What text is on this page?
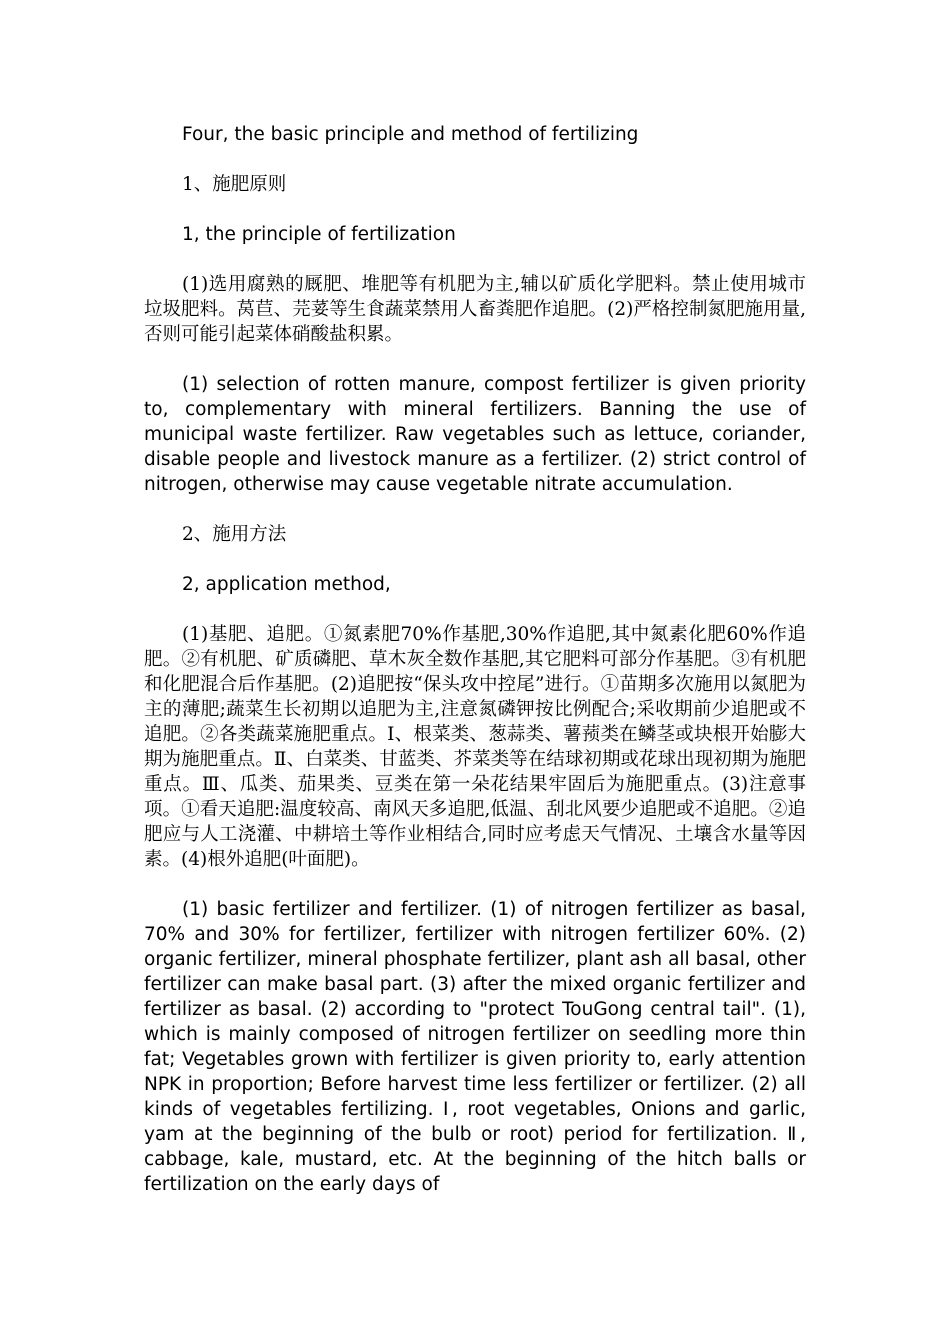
Four, the basic principle and method of fertilizing

1、施肥原则

1, the principle of fertilization

(1)选用腐熟的厩肥、堆肥等有机肥为主,辅以矿质化学肥料。禁止使用城市垃圾肥料。莴苣、芫荽等生食蔬菜禁用人畜粪肥作追肥。(2)严格控制氮肥施用量,否则可能引起菜体硝酸盐积累。

(1) selection of rotten manure, compost fertilizer is given priority to, complementary with mineral fertilizers. Banning the use of municipal waste fertilizer. Raw vegetables such as lettuce, coriander, disable people and livestock manure as a fertilizer. (2) strict control of nitrogen, otherwise may cause vegetable nitrate accumulation.

2、施用方法

2, application method,

(1)基肥、追肥。①氮素肥70%作基肥,30%作追肥,其中氮素化肥60%作追肥。②有机肥、矿质磷肥、草木灰全数作基肥,其它肥料可部分作基肥。③有机肥和化肥混合后作基肥。(2)追肥按“保头攻中控尾”进行。①苗期多次施用以氮肥为主的薄肥;蔬菜生长初期以追肥为主,注意氮磷钾按比例配合;采收期前少追肥或不追肥。②各类蔬菜施肥重点。Ⅰ、根菜类、葱蒜类、薯蓣类在鳞茎或块根开始膨大期为施肥重点。Ⅱ、白菜类、甘蓝类、芥菜类等在结球初期或花球出现初期为施肥重点。Ⅲ、瓜类、茄果类、豆类在第一朵花结果牢固后为施肥重点。(3)注意事项。①看天追肥:温度较高、南风天多追肥,低温、刮北风要少追肥或不追肥。②追肥应与人工浇灌、中耕培土等作业相结合,同时应考虑天气情况、土壤含水量等因素。(4)根外追肥(叶面肥)。

(1) basic fertilizer and fertilizer. (1) of nitrogen fertilizer as basal, 70% and 30% for fertilizer, fertilizer with nitrogen fertilizer 60%. (2) organic fertilizer, mineral phosphate fertilizer, plant ash all basal, other fertilizer can make basal part. (3) after the mixed organic fertilizer and fertilizer as basal. (2) according to "protect TouGong central tail". (1), which is mainly composed of nitrogen fertilizer on seedling more thin fat; Vegetables grown with fertilizer is given priority to, early attention NPK in proportion; Before harvest time less fertilizer or fertilizer. (2) all kinds of vegetables fertilizing. Ⅰ, root vegetables, Onions and garlic, yam at the beginning of the bulb or root) period for fertilization. Ⅱ, cabbage, kale, mustard, etc. At the beginning of the hitch balls or fertilization on the early days of
